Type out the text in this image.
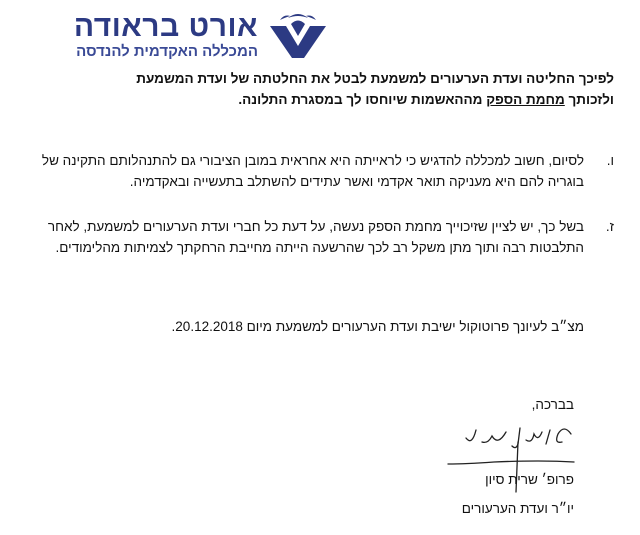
אורט בראודה
המכללה האקדמית להנדסה
לפיכך החליטה ועדת הערעורים למשמעת לבטל את החלטתה של ועדת המשמעת
ולזכותך מחמת הספק מההאשמות שיוחסו לך במסגרת התלונה.
ו.
לסיום, חשוב למכללה להדגיש כי לראייתה היא אחראית במובן הציבורי גם להתנהלותם התקינה של בוגריה להם היא מעניקה תואר אקדמי ואשר עתידים להשתלב בתעשייה ובאקדמיה.
ז.
בשל כך, יש לציין שזיכוייך מחמת הספק נעשה, על דעת כל חברי ועדת הערעורים למשמעת, לאחר התלבטות רבה ותוך מתן משקל רב לכך שהרשעה הייתה מחייבת הרחקתך לצמיתות מהלימודים.
מצ״ב לעיונך פרוטוקול ישיבת ועדת הערעורים למשמעת מיום 20.12.2018.
בברכה,
פרופ׳ שרית סיון
יו״ר ועדת הערעורים
